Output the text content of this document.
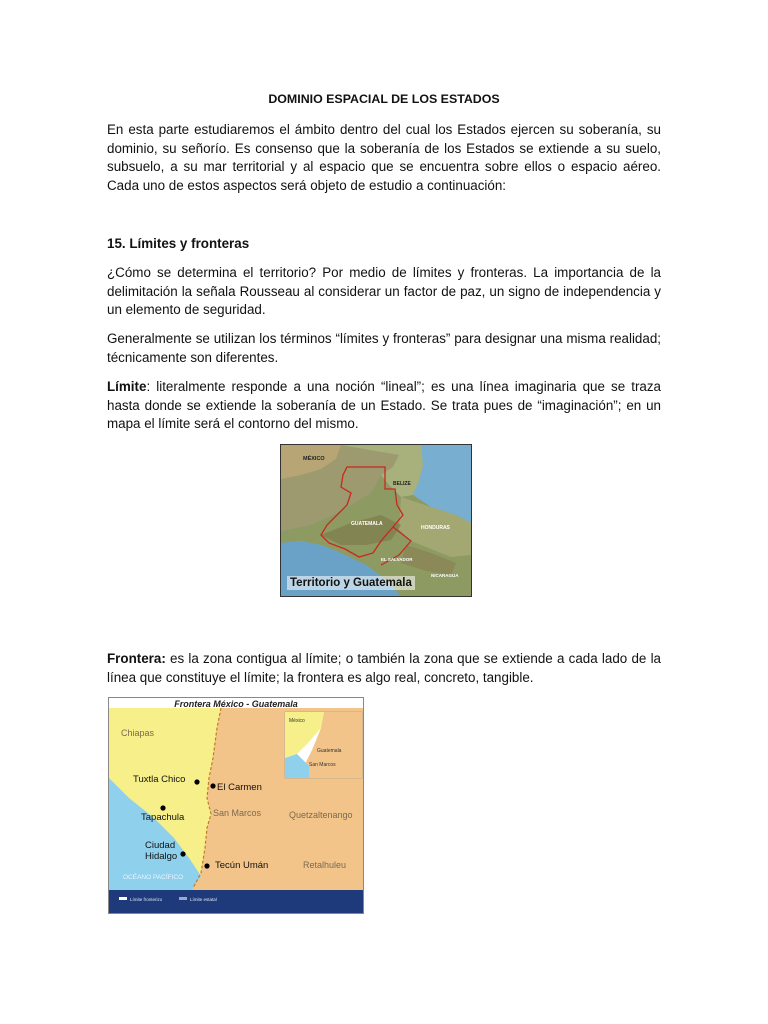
DOMINIO ESPACIAL DE LOS ESTADOS
En esta parte estudiaremos el ámbito dentro del cual los Estados ejercen su soberanía, su dominio, su señorío. Es consenso que la soberanía de los Estados se extiende a su suelo, subsuelo, a su mar territorial y al espacio que se encuentra sobre ellos o espacio aéreo. Cada uno de estos aspectos será objeto de estudio a continuación:
15. Límites y fronteras
¿Cómo se determina el territorio? Por medio de límites y fronteras. La importancia de la delimitación la señala Rousseau al considerar un factor de paz, un signo de independencia y un elemento de seguridad.
Generalmente se utilizan los términos “límites y fronteras” para designar una misma realidad; técnicamente son diferentes.
Límite: literalmente responde a una noción “lineal”; es una línea imaginaria que se traza hasta donde se extiende la soberanía de un Estado. Se trata pues de “imaginación”; en un mapa el límite será el contorno del mismo.
MÉXICO
GUATEMALA
BELIZE
HONDURAS
EL SALVADOR
NICARAGUA
Territorio y Guatemala
Frontera: es la zona contigua al límite; o también la zona que se extiende a cada lado de la línea que constituye el límite; la frontera es algo real, concreto, tangible.
Frontera México - Guatemala
Chiapas
San Marcos	Quetzaltenango
Retalhuleu
OCÉANO PACÍFICO
Tuxtla Chico
El Carmen
Tapachula
Ciudad
Hidalgo
Tecún Umán
México
Guatemala
San Marcos
Límite fronterizo	Límite estatal
